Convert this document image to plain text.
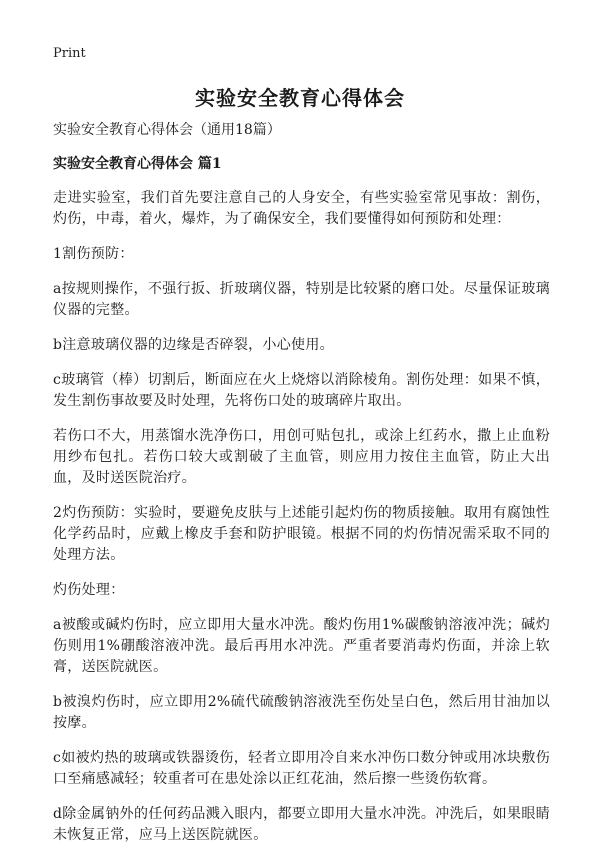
Print
实验安全教育心得体会
实验安全教育心得体会（通用18篇）
实验安全教育心得体会 篇1

走进实验室，我们首先要注意自己的人身安全，有些实验室常见事故：割伤，灼伤，中毒，着火，爆炸，为了确保安全，我们要懂得如何预防和处理：

1割伤预防：

a按规则操作，不强行扳、折玻璃仪器，特别是比较紧的磨口处。尽量保证玻璃仪器的完整。

b注意玻璃仪器的边缘是否碎裂，小心使用。

c玻璃管（棒）切割后，断面应在火上烧熔以消除棱角。割伤处理：如果不慎，发生割伤事故要及时处理，先将伤口处的玻璃碎片取出。

若伤口不大，用蒸馏水洗净伤口，用创可贴包扎，或涂上红药水，撒上止血粉用纱布包扎。若伤口较大或割破了主血管，则应用力按住主血管，防止大出血，及时送医院治疗。

2灼伤预防：实验时，要避免皮肤与上述能引起灼伤的物质接触。取用有腐蚀性化学药品时，应戴上橡皮手套和防护眼镜。根据不同的灼伤情况需采取不同的处理方法。

灼伤处理：

a被酸或碱灼伤时，应立即用大量水冲洗。酸灼伤用1%碳酸钠溶液冲洗；碱灼伤则用1%硼酸溶液冲洗。最后再用水冲洗。严重者要消毒灼伤面，并涂上软膏，送医院就医。

b被溴灼伤时，应立即用2%硫代硫酸钠溶液洗至伤处呈白色，然后用甘油加以按摩。

c如被灼热的玻璃或铁器烫伤，轻者立即用冷自来水冲伤口数分钟或用冰块敷伤口至痛感减轻；较重者可在患处涂以正红花油，然后擦一些烫伤软膏。

d除金属钠外的任何药品溅入眼内，都要立即用大量水冲洗。冲洗后，如果眼睛未恢复正常，应马上送医院就医。
